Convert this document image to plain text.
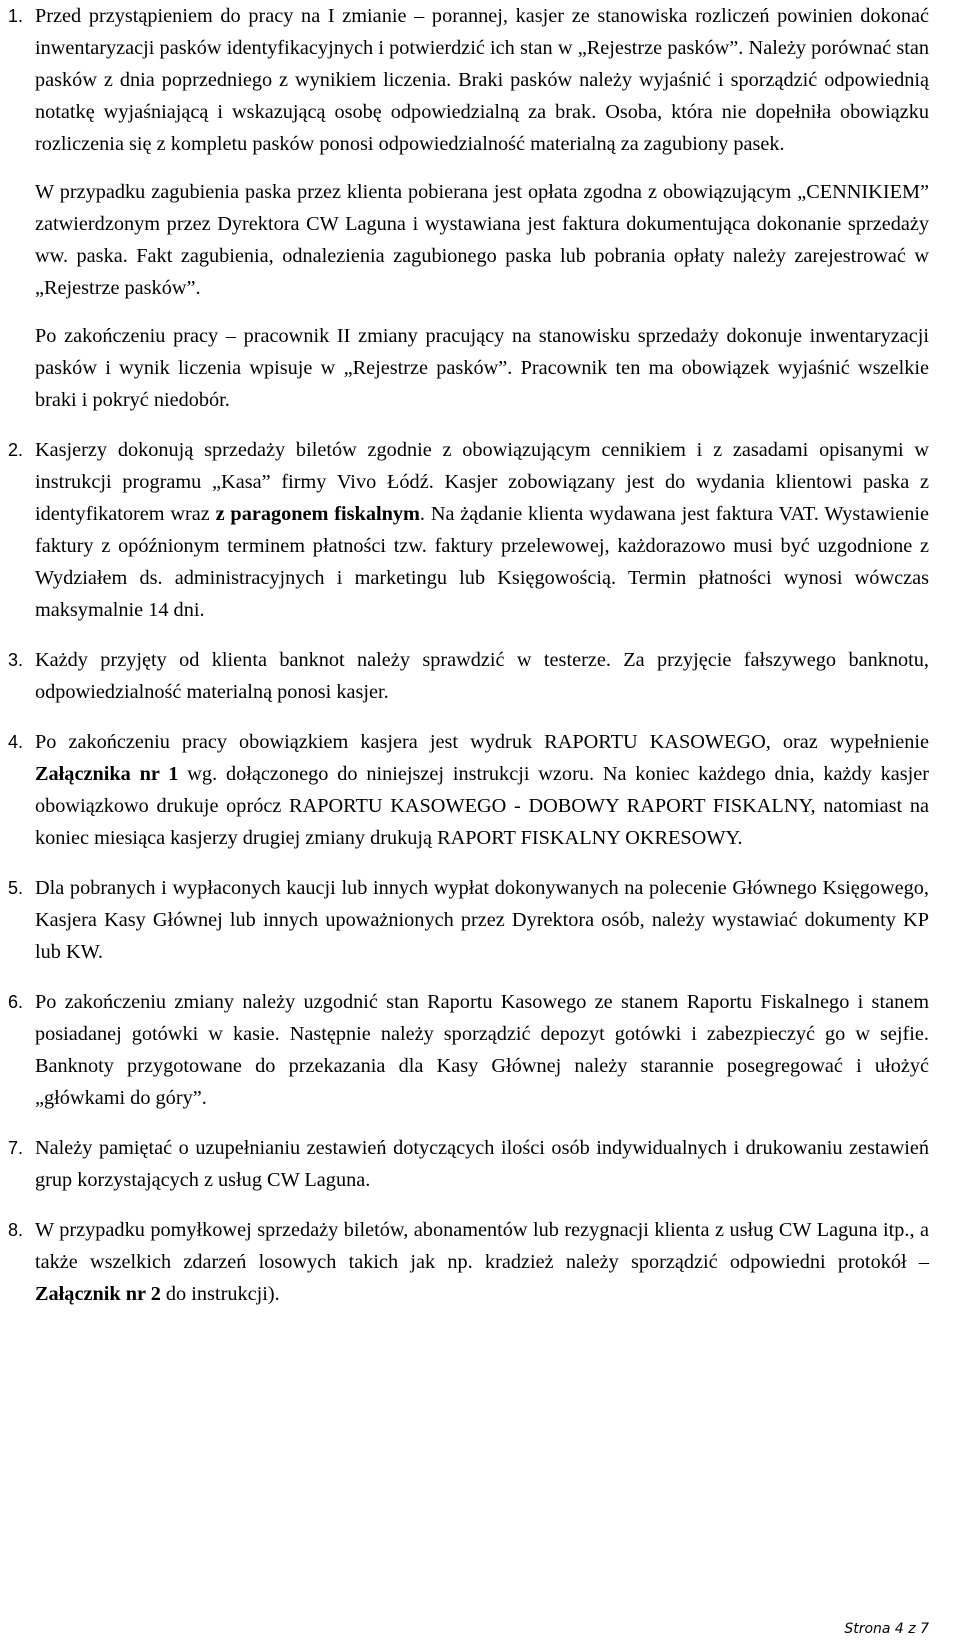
1. Przed przystąpieniem do pracy na I zmianie – porannej, kasjer ze stanowiska rozliczeń powinien dokonać inwentaryzacji pasków identyfikacyjnych i potwierdzić ich stan w „Rejestrze pasków”. Należy porównać stan pasków z dnia poprzedniego z wynikiem liczenia. Braki pasków należy wyjaśnić i sporządzić odpowiednią notatkę wyjaśniającą i wskazującą osobę odpowiedzialną za brak. Osoba, która nie dopełniła obowiązku rozliczenia się z kompletu pasków ponosi odpowiedzialność materialną za zagubiony pasek.

W przypadku zagubienia paska przez klienta pobierana jest opłata zgodna z obowiązującym „CENNIKIEM” zatwierdzonym przez Dyrektora CW Laguna i wystawiana jest faktura dokumentująca dokonanie sprzedaży ww. paska. Fakt zagubienia, odnalezienia zagubionego paska lub pobrania opłaty należy zarejestrować w „Rejestrze pasków”.

Po zakończeniu pracy – pracownik II zmiany pracujący na stanowisku sprzedaży dokonuje inwentaryzacji pasków i wynik liczenia wpisuje w „Rejestrze pasków”. Pracownik ten ma obowiązek wyjaśnić wszelkie braki i pokryć niedobór.

2. Kasjerzy dokonują sprzedaży biletów zgodnie z obowiązującym cennikiem i z zasadami opisanymi w instrukcji programu „Kasa” firmy Vivo Łódź. Kasjer zobowiązany jest do wydania klientowi paska z identyfikatorem wraz z paragonem fiskalnym. Na żądanie klienta wydawana jest faktura VAT. Wystawienie faktury z opóźnionym terminem płatności tzw. faktury przelewowej, każdorazowo musi być uzgodnione z Wydziałem ds. administracyjnych i marketingu lub Księgowością. Termin płatności wynosi wówczas maksymalnie 14 dni.

3. Każdy przyjęty od klienta banknot należy sprawdzić w testerze. Za przyjęcie fałszywego banknotu, odpowiedzialność materialną ponosi kasjer.

4. Po zakończeniu pracy obowiązkiem kasjera jest wydruk RAPORTU KASOWEGO, oraz wypełnienie Załącznika nr 1 wg. dołączonego do niniejszej instrukcji wzoru. Na koniec każdego dnia, każdy kasjer obowiązkowo drukuje oprócz RAPORTU KASOWEGO - DOBOWY RAPORT FISKALNY, natomiast na koniec miesiąca kasjerzy drugiej zmiany drukują RAPORT FISKALNY OKRESOWY.

5. Dla pobranych i wypłaconych kaucji lub innych wypłat dokonywanych na polecenie Głównego Księgowego, Kasjera Kasy Głównej lub innych upoważnionych przez Dyrektora osób, należy wystawiać dokumenty KP lub KW.

6. Po zakończeniu zmiany należy uzgodnić stan Raportu Kasowego ze stanem Raportu Fiskalnego i stanem posiadanej gotówki w kasie. Następnie należy sporządzić depozyt gotówki i zabezpieczyć go w sejfie. Banknoty przygotowane do przekazania dla Kasy Głównej należy starannie posegregować i ułożyć „główkami do góry”.

7. Należy pamiętać o uzupełnianiu zestawień dotyczących ilości osób indywidualnych i drukowaniu zestawień grup korzystających z usług CW Laguna.

8. W przypadku pomyłkowej sprzedaży biletów, abonamentów lub rezygnacji klienta z usług CW Laguna itp., a także wszelkich zdarzeń losowych takich jak np. kradzież należy sporządzić odpowiedni protokół – Załącznik nr 2 do instrukcji).

Strona 4 z 7
